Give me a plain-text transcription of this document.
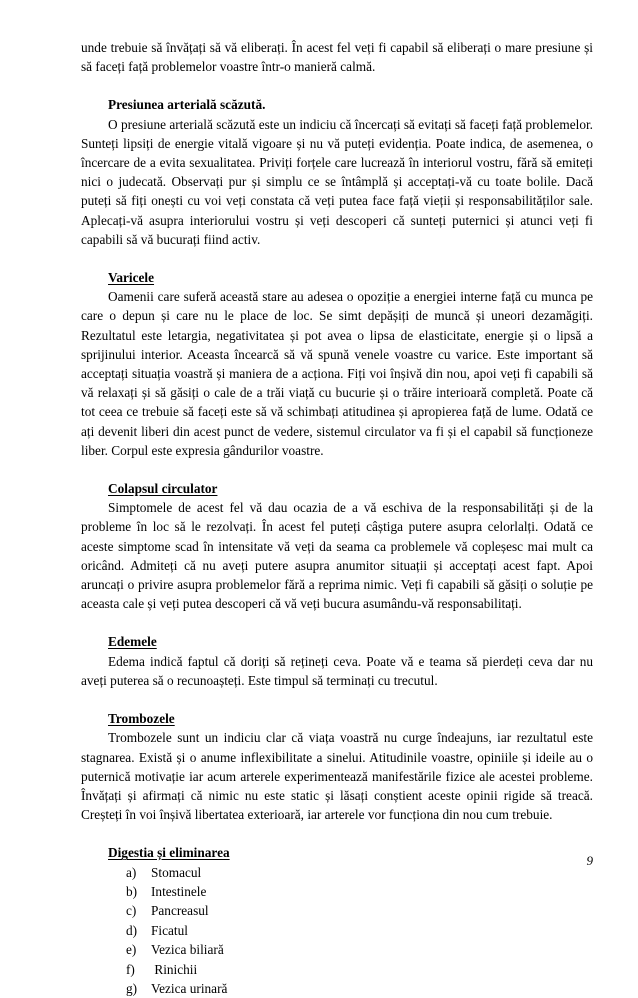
unde trebuie să învățați să vă eliberați. În acest fel veți fi capabil să eliberați o mare presiune și să faceți față problemelor voastre într-o manieră calmă.

Presiunea arterială scăzută.

O presiune arterială scăzută este un indiciu că încercați să evitați să faceți față problemelor. Sunteți lipsiți de energie vitală vigoare și nu vă puteți evidenția. Poate indica, de asemenea, o încercare de a evita sexualitatea. Priviți forțele care lucrează în interiorul vostru, fără să emiteți nici o judecată. Observați pur și simplu ce se întâmplă și acceptați-vă cu toate bolile. Dacă puteți să fiți onești cu voi veți constata că veți putea face față vieții și responsabilităților sale. Aplecați-vă asupra interiorului vostru și veți descoperi că sunteți puternici și atunci veți fi capabili să vă bucurați fiind activ.

Varicele

Oamenii care suferă această stare au adesea o opoziție a energiei interne față cu munca pe care o depun și care nu le place de loc. Se simt depășiți de muncă și uneori dezamăgiți. Rezultatul este letargia, negativitatea și pot avea o lipsa de elasticitate, energie și o lipsă a sprijinului interior. Aceasta încearcă să vă spună venele voastre cu varice. Este important să acceptați situația voastră și maniera de a acționa. Fiți voi înșivă din nou, apoi veți fi capabili să vă relaxați și să găsiți o cale de a trăi viață cu bucurie și o trăire interioară completă. Poate că tot ceea ce trebuie să faceți este să vă schimbați atitudinea și apropierea față de lume. Odată ce ați devenit liberi din acest punct de vedere, sistemul circulator va fi și el capabil să funcționeze liber. Corpul este expresia gândurilor voastre.

Colapsul circulator

Simptomele de acest fel vă dau ocazia de a vă eschiva de la responsabilități și de la probleme în loc să le rezolvați. În acest fel puteți câștiga putere asupra celorlalți. Odată ce aceste simptome scad în intensitate vă veți da seama ca problemele vă copleșesc mai mult ca oricând. Admiteți că nu aveți putere asupra anumitor situații și acceptați acest fapt. Apoi aruncați o privire asupra problemelor fără a reprima nimic. Veți fi capabili să găsiți o soluție pe aceasta cale și veți putea descoperi că vă veți bucura asumându-vă responsabilitați.

Edemele

Edema indică faptul că doriți să rețineți ceva. Poate vă e teama să pierdeți ceva dar nu aveți puterea să o recunoașteți. Este timpul să terminați cu trecutul.

Trombozele

Trombozele sunt un indiciu clar că viața voastră nu curge îndeajuns, iar rezultatul este stagnarea. Există și o anume inflexibilitate a sinelui. Atitudinile voastre, opiniile și ideile au o puternică motivație iar acum arterele experimentează manifestările fizice ale acestei probleme. Învățați și afirmați că nimic nu este static și lăsați conștient aceste opinii rigide să treacă. Creșteți în voi înșivă libertatea exterioară, iar arterele vor funcționa din nou cum trebuie.

Digestia și eliminarea

a) Stomacul
b) Intestinele
c) Pancreasul
d) Ficatul
e) Vezica biliară
f) Rinichii
g) Vezica urinară
9
